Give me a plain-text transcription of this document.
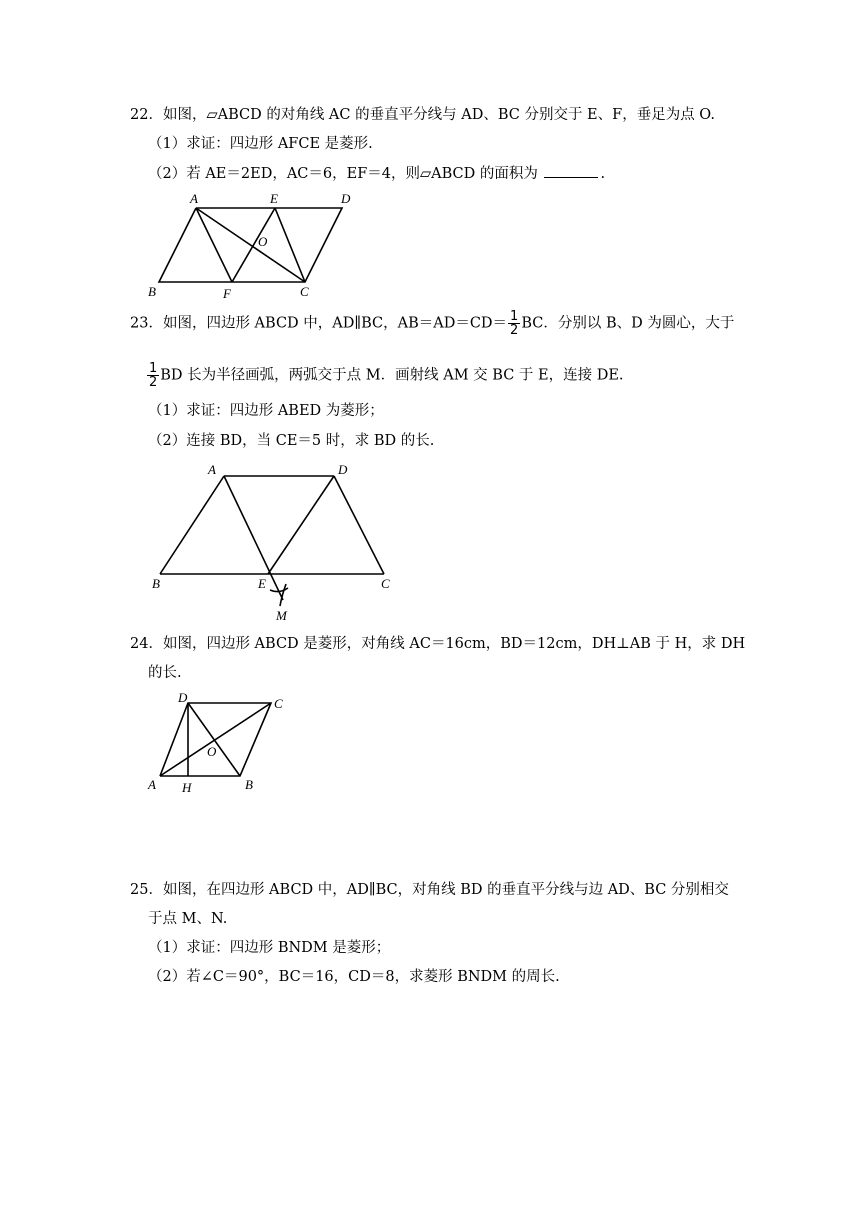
22．如图，▱ABCD 的对角线 AC 的垂直平分线与 AD、BC 分别交于 E、F，垂足为点 O.
（1）求证：四边形 AFCE 是菱形.
（2）若 AE＝2ED，AC＝6，EF＝4，则▱ABCD 的面积为	.
A	E	D
O
B	F	C
23．如图，四边形 ABCD 中，AD∥BC，$AB=AD=CD= \frac{1}{2}$ BC．分别以 B、D 为圆心，大于
$\frac{1}{2}$ BD 长为半径画弧，两弧交于点 M．画射线 AM 交 BC 于 E，连接 DE.
（1）求证：四边形 ABED 为菱形；
（2）连接 BD，当 CE＝5 时，求 BD 的长.
A	D
B	E	C
M
24．如图，四边形 ABCD 是菱形，对角线 AC＝16cm，BD＝12cm，DH⊥AB 于 H，求 DH
的长.
D	C
O
A H	B
25．如图，在四边形 ABCD 中，AD∥BC，对角线 BD 的垂直平分线与边 AD、BC 分别相交
于点 M、N.
（1）求证：四边形 BNDM 是菱形；
（2）若∠C＝90°，BC＝16，CD＝8，求菱形 BNDM 的周长.
